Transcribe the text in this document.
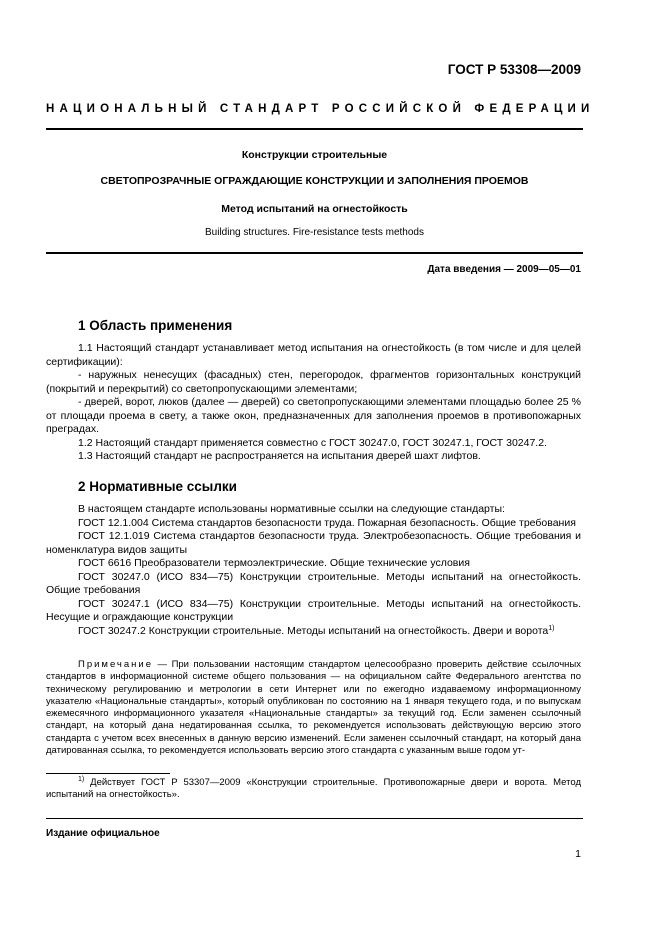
ГОСТ Р 53308—2009
НАЦИОНАЛЬНЫЙ СТАНДАРТ РОССИЙСКОЙ ФЕДЕРАЦИИ
Конструкции строительные
СВЕТОПРОЗРАЧНЫЕ ОГРАЖДАЮЩИЕ КОНСТРУКЦИИ И ЗАПОЛНЕНИЯ ПРОЕМОВ
Метод испытаний на огнестойкость
Building structures. Fire-resistance tests methods
Дата введения — 2009—05—01
1 Область применения

1.1 Настоящий стандарт устанавливает метод испытания на огнестойкость (в том числе и для целей сертификации):

- наружных ненесущих (фасадных) стен, перегородок, фрагментов горизонтальных конструкций (покрытий и перекрытий) со светопропускающими элементами;

- дверей, ворот, люков (далее — дверей) со светопропускающими элементами площадью более 25 % от площади проема в свету, а также окон, предназначенных для заполнения проемов в противопожарных преградах.

1.2 Настоящий стандарт применяется совместно с ГОСТ 30247.0, ГОСТ 30247.1, ГОСТ 30247.2.

1.3 Настоящий стандарт не распространяется на испытания дверей шахт лифтов.

2 Нормативные ссылки

В настоящем стандарте использованы нормативные ссылки на следующие стандарты:

ГОСТ 12.1.004 Система стандартов безопасности труда. Пожарная безопасность. Общие требования

ГОСТ 12.1.019 Система стандартов безопасности труда. Электробезопасность. Общие требования и номенклатура видов защиты

ГОСТ 6616 Преобразователи термоэлектрические. Общие технические условия

ГОСТ 30247.0 (ИСО 834—75) Конструкции строительные. Методы испытаний на огнестойкость. Общие требования

ГОСТ 30247.1 (ИСО 834—75) Конструкции строительные. Методы испытаний на огнестойкость. Несущие и ограждающие конструкции

ГОСТ 30247.2 Конструкции строительные. Методы испытаний на огнестойкость. Двери и ворота$^{1)}$

Примечание — При пользовании настоящим стандартом целесообразно проверить действие ссылочных стандартов в информационной системе общего пользования — на официальном сайте Федерального агентства по техническому регулированию и метрологии в сети Интернет или по ежегодно издаваемому информационному указателю «Национальные стандарты», который опубликован по состоянию на 1 января текущего года, и по выпускам ежемесячного информационного указателя «Национальные стандарты» за текущий год. Если заменен ссылочный стандарт, на который дана недатированная ссылка, то рекомендуется использовать действующую версию этого стандарта с учетом всех внесенных в данную версию изменений. Если заменен ссылочный стандарт, на который дана датированная ссылка, то рекомендуется использовать версию этого стандарта с указанным выше годом ут-

$^{1)}$ Действует ГОСТ Р 53307—2009 «Конструкции строительные. Противопожарные двери и ворота. Метод испытаний на огнестойкость».

Издание официальное
1
